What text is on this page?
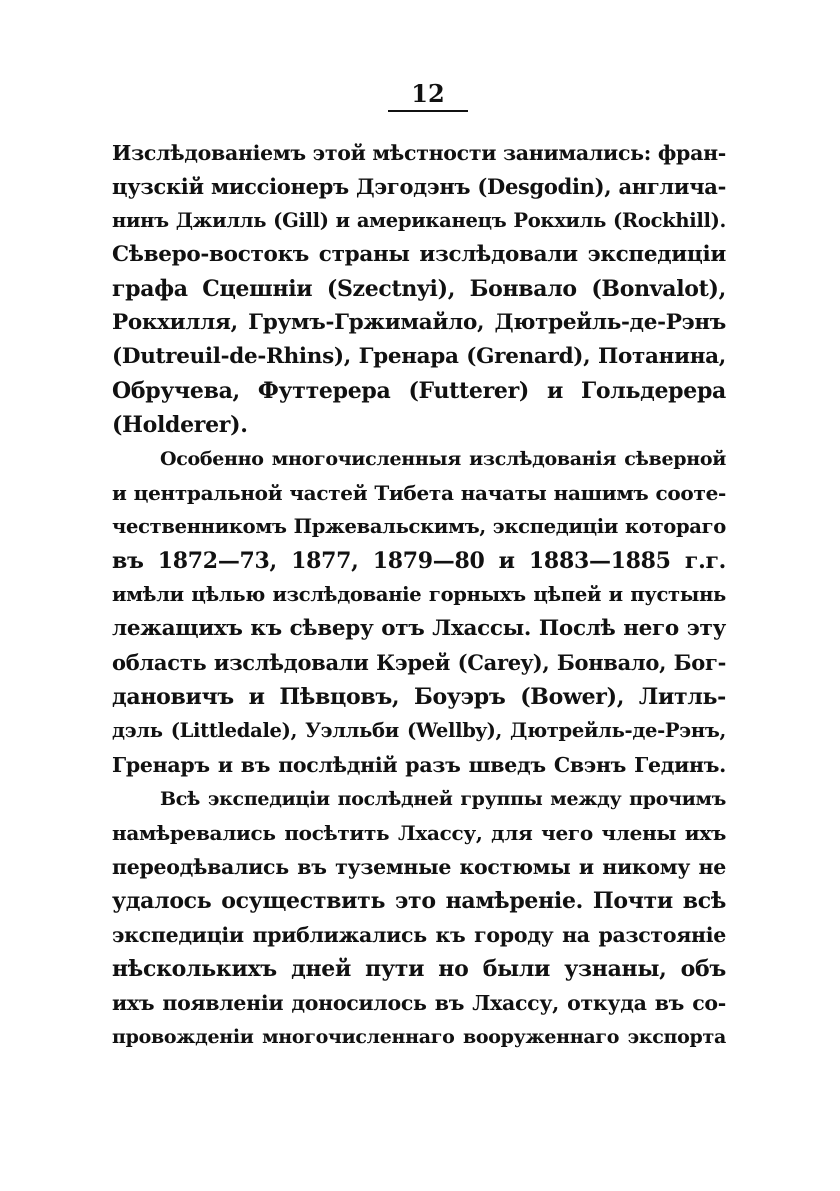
12
Изслѣдованiемъ этой мѣстности занимались: фран-
цузскiй миссiонеръ Дэгодэнъ (Desgodin), англича-
нинъ Джилль (Gill) и американецъ Рокхиль (Rockhill).
Сѣверо-востокъ страны изслѣдовали экспедицiи
графа Сцешнiи (Szectnyi), Бонвало (Bonvalot),
Рокхилля, Грумъ-Гржимайло, Дютрейль-де-Рэнъ
(Dutreuil-de-Rhins), Гренара (Grenard), Потанина,
Обручева, Футтерера (Futterer) и Гольдерера
(Holderer).
Особенно многочисленныя изслѣдованiя сѣверной
и центральной частей Тибета начаты нашимъ соотe-
чественникомъ Пржевальскимъ, экспедицiи котораго
въ 1872—73, 1877, 1879—80 и 1883—1885 г.г.
имѣли цѣлью изслѣдованiе горныхъ цѣпей и пустынь
лежащихъ къ сѣверу отъ Лхассы. Послѣ него эту
область изслѣдовали Кэрей (Carey), Бонвало, Бог-
дановичъ и Пѣвцовъ, Боуэръ (Bower), Литль-
дэль (Littledale), Уэлльби (Wellby), Дютрейль-де-Рэнъ,
Гренаръ и въ послѣднiй разъ шведъ Свэнъ Гединъ.
Всѣ экспедицiи послѣдней группы между прочимъ
намѣревались посѣтить Лхассу, для чего члены ихъ
переодѣвались въ туземные костюмы и никому не
удалось осуществить это намѣренiе. Почти всѣ
экспедицiи приближались къ городу на разстоянiе
нѣсколькихъ дней пути но были узнаны, объ
ихъ появленiи доносилось въ Лхассу, откуда въ со-
провожденiи многочисленнаго вооруженнаго экспорта
